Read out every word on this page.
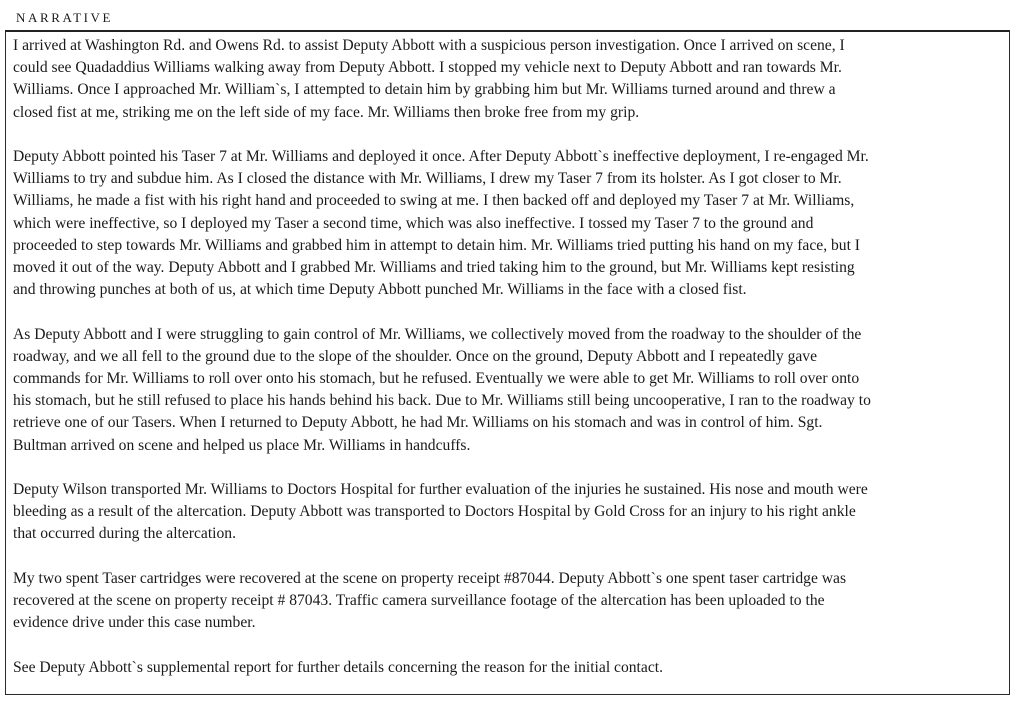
NARRATIVE

I arrived at Washington Rd. and Owens Rd. to assist Deputy Abbott with a suspicious person investigation. Once I arrived on scene, I
could see Quadaddius Williams walking away from Deputy Abbott. I stopped my vehicle next to Deputy Abbott and ran towards Mr.
Williams. Once I approached Mr. William`s, I attempted to detain him by grabbing him but Mr. Williams turned around and threw a
closed fist at me, striking me on the left side of my face. Mr. Williams then broke free from my grip.

Deputy Abbott pointed his Taser 7 at Mr. Williams and deployed it once. After Deputy Abbott`s ineffective deployment, I re-engaged Mr.
Williams to try and subdue him. As I closed the distance with Mr. Williams, I drew my Taser 7 from its holster. As I got closer to Mr.
Williams, he made a fist with his right hand and proceeded to swing at me. I then backed off and deployed my Taser 7 at Mr. Williams,
which were ineffective, so I deployed my Taser a second time, which was also ineffective. I tossed my Taser 7 to the ground and
proceeded to step towards Mr. Williams and grabbed him in attempt to detain him. Mr. Williams tried putting his hand on my face, but I
moved it out of the way. Deputy Abbott and I grabbed Mr. Williams and tried taking him to the ground, but Mr. Williams kept resisting
and throwing punches at both of us, at which time Deputy Abbott punched Mr. Williams in the face with a closed fist.

As Deputy Abbott and I were struggling to gain control of Mr. Williams, we collectively moved from the roadway to the shoulder of the
roadway, and we all fell to the ground due to the slope of the shoulder. Once on the ground, Deputy Abbott and I repeatedly gave
commands for Mr. Williams to roll over onto his stomach, but he refused. Eventually we were able to get Mr. Williams to roll over onto
his stomach, but he still refused to place his hands behind his back. Due to Mr. Williams still being uncooperative, I ran to the roadway to
retrieve one of our Tasers. When I returned to Deputy Abbott, he had Mr. Williams on his stomach and was in control of him. Sgt.
Bultman arrived on scene and helped us place Mr. Williams in handcuffs.

Deputy Wilson transported Mr. Williams to Doctors Hospital for further evaluation of the injuries he sustained. His nose and mouth were
bleeding as a result of the altercation. Deputy Abbott was transported to Doctors Hospital by Gold Cross for an injury to his right ankle
that occurred during the altercation.

My two spent Taser cartridges were recovered at the scene on property receipt #87044. Deputy Abbott`s one spent taser cartridge was
recovered at the scene on property receipt # 87043. Traffic camera surveillance footage of the altercation has been uploaded to the
evidence drive under this case number.

See Deputy Abbott`s supplemental report for further details concerning the reason for the initial contact.
